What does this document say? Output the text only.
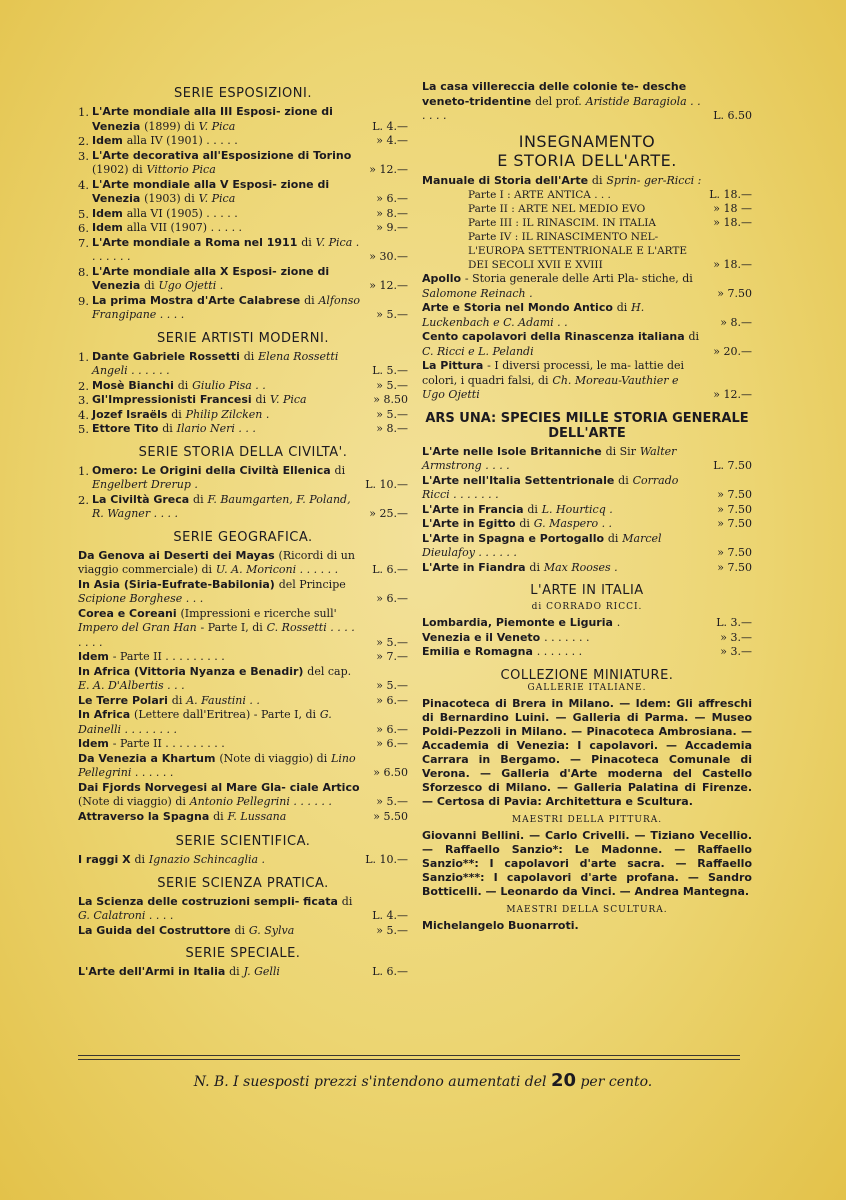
SERIE ESPOSIZIONI.
1. L'Arte mondiale alla III Esposi- zione di Venezia (1899) di V. Pica	L. 4.—
2. Idem alla IV (1901) . . . . .	» 4.—
3. L'Arte decorativa all'Esposizione di Torino (1902) di Vittorio Pica	» 12.—
4. L'Arte mondiale alla V Esposi- zione di Venezia (1903) di V. Pica	» 6.—
5. Idem alla VI (1905) . . . . .	» 8.—
6. Idem alla VII (1907) . . . . .	» 9.—
7. L'Arte mondiale a Roma nel 1911 di V. Pica . . . . . . .	» 30.—
8. L'Arte mondiale alla X Esposi- zione di Venezia di Ugo Ojetti .	» 12.—
9. La prima Mostra d'Arte Calabrese di Alfonso Frangipane . . . .	» 5.—
SERIE ARTISTI MODERNI.
1. Dante Gabriele Rossetti di Elena Rossetti Angeli . . . . . .	L. 5.—
2. Mosè Bianchi di Giulio Pisa . .	» 5.—
3. Gl'Impressionisti Francesi di V. Pica	» 8.50
4. Jozef Israëls di Philip Zilcken .	» 5.—
5. Ettore Tito di Ilario Neri . . .	» 8.—
SERIE STORIA DELLA CIVILTA'.
1. Omero: Le Origini della Civiltà Ellenica di Engelbert Drerup .	L. 10.—
2. La Civiltà Greca di F. Baumgarten, F. Poland, R. Wagner . . . .	» 25.—
SERIE GEOGRAFICA.
Da Genova ai Deserti dei Mayas (Ricordi di un viaggio commerciale) di U. A. Moriconi . . . . . .	L. 6.—
In Asia (Siria-Eufrate-Babilonia) del Principe Scipione Borghese . . .	» 6.—
Corea e Coreani (Impressioni e ricerche sull' Impero del Gran Han - Parte I, di C. Rossetti . . . . . . . .	» 5.—
Idem - Parte II . . . . . . . . .	» 7.—
In Africa (Vittoria Nyanza e Benadir) del cap. E. A. D'Albertis . . .	» 5.—
Le Terre Polari di A. Faustini . .	» 6.—
In Africa (Lettere dall'Eritrea) - Parte I, di G. Dainelli . . . . . . . .	» 6.—
Idem - Parte II . . . . . . . . .	» 6.—
Da Venezia a Khartum (Note di viaggio) di Lino Pellegrini . . . . . .	» 6.50
Dai Fjords Norvegesi al Mare Gla- ciale Artico (Note di viaggio) di Antonio Pellegrini . . . . . .	» 5.—
Attraverso la Spagna di F. Lussana	» 5.50
SERIE SCIENTIFICA.
I raggi X di Ignazio Schincaglia .	L. 10.—
SERIE SCIENZA PRATICA.
La Scienza delle costruzioni sempli- ficata di G. Calatroni . . . .	L. 4.—
La Guida del Costruttore di G. Sylva	» 5.—
SERIE SPECIALE.
L'Arte dell'Armi in Italia di J. Gelli	L. 6.—
La casa villereccia delle colonie te- desche veneto-tridentine del prof. Aristide Baragiola . . . . . .	L. 6.50
INSEGNAMENTO
E STORIA DELL'ARTE.
Manuale di Storia dell'Arte di Sprin- ger-Ricci :
Parte I : ARTE ANTICA . . .	L. 18.—
Parte II : ARTE NEL MEDIO EVO	» 18 —
Parte III : IL RINASCIM. IN ITALIA	» 18.—
Parte IV : IL RINASCIMENTO NEL- L'EUROPA SETTENTRIONALE E L'ARTE DEI SECOLI XVII E XVIII	» 18.—
Apollo - Storia generale delle Arti Pla- stiche, di Salomone Reinach .	» 7.50
Arte e Storia nel Mondo Antico di H. Luckenbach e C. Adami . .	» 8.—
Cento capolavori della Rinascenza italiana di C. Ricci e L. Pelandi	» 20.—
La Pittura - I diversi processi, le ma- lattie dei colori, i quadri falsi, di Ch. Moreau-Vauthier e Ugo Ojetti	» 12.—
ARS UNA: SPECIES MILLE STORIA GENERALE DELL'ARTE
L'Arte nelle Isole Britanniche di Sir Walter Armstrong . . . .	L. 7.50
L'Arte nell'Italia Settentrionale di Corrado Ricci . . . . . . .	» 7.50
L'Arte in Francia di L. Hourticq .	» 7.50
L'Arte in Egitto di G. Maspero . .	» 7.50
L'Arte in Spagna e Portogallo di Marcel Dieulafoy . . . . . .	» 7.50
L'Arte in Fiandra di Max Rooses .	» 7.50
L'ARTE IN ITALIA
di CORRADO RICCI.
Lombardia, Piemonte e Liguria .	L. 3.—
Venezia e il Veneto . . . . . . .	» 3.—
Emilia e Romagna . . . . . . .	» 3.—
COLLEZIONE MINIATURE.
GALLERIE ITALIANE.
Pinacoteca di Brera in Milano. — Idem: Gli affreschi di Bernardino Luini. — Galleria di Parma. — Museo Poldi-Pezzoli in Milano. — Pinacoteca Ambrosiana. — Accademia di Venezia: I capolavori. — Accademia Carrara in Bergamo. — Pinacoteca Comunale di Verona. — Galleria d'Arte moderna del Castello Sforzesco di Milano. — Galleria Palatina di Firenze. — Certosa di Pavia: Architettura e Scultura.
MAESTRI DELLA PITTURA.
Giovanni Bellini. — Carlo Crivelli. — Tiziano Vecellio. — Raffaello Sanzio*: Le Madonne. — Raffaello Sanzio**: I capolavori d'arte sacra. — Raffaello Sanzio***: I capolavori d'arte profana. — Sandro Botticelli. — Leonardo da Vinci. — Andrea Mantegna.
MAESTRI DELLA SCULTURA.
Michelangelo Buonarroti.
N. B. I suesposti prezzi s'intendono aumentati del 20 per cento.
